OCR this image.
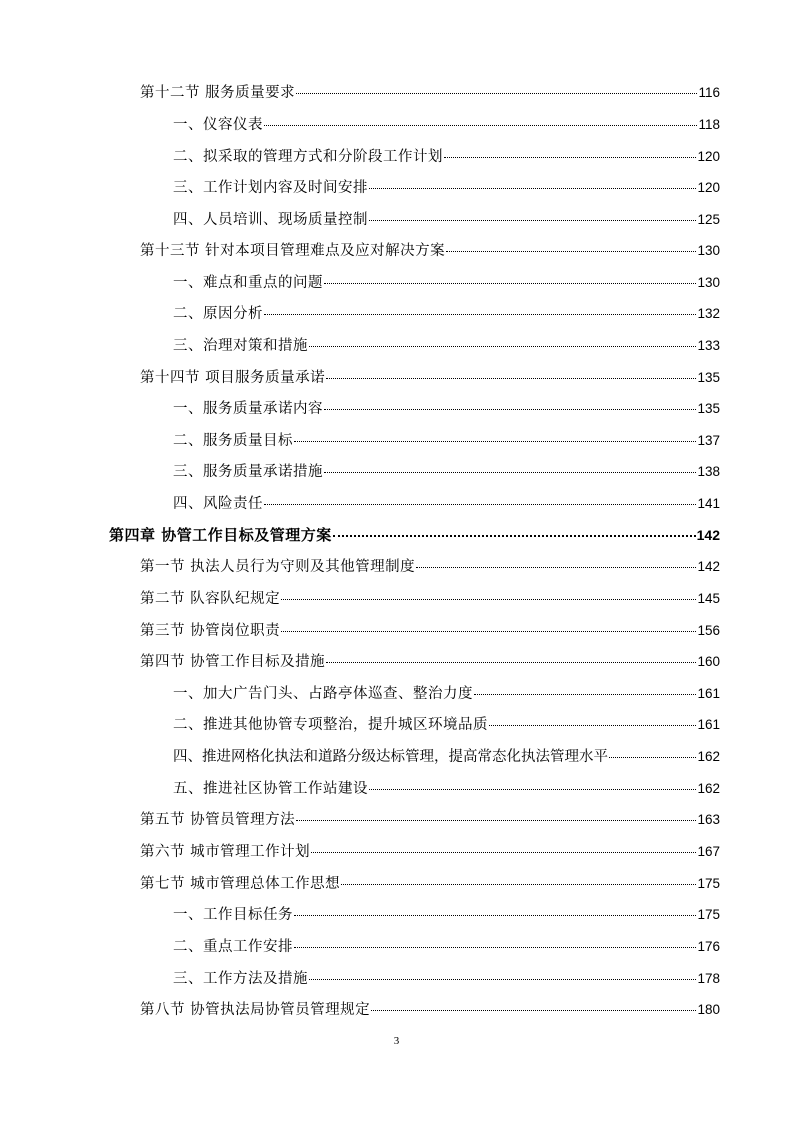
第十二节 服务质量要求	116
一、仪容仪表	118
二、拟采取的管理方式和分阶段工作计划	120
三、工作计划内容及时间安排	120
四、人员培训、现场质量控制	125
第十三节 针对本项目管理难点及应对解决方案	130
一、难点和重点的问题	130
二、原因分析	132
三、治理对策和措施	133
第十四节 项目服务质量承诺	135
一、服务质量承诺内容	135
二、服务质量目标	137
三、服务质量承诺措施	138
四、风险责任	141
第四章 协管工作目标及管理方案	142
第一节 执法人员行为守则及其他管理制度	142
第二节 队容队纪规定	145
第三节 协管岗位职责	156
第四节 协管工作目标及措施	160
一、加大广告门头、占路亭体巡查、整治力度	161
二、推进其他协管专项整治，提升城区环境品质	161
四、推进网格化执法和道路分级达标管理，提高常态化执法管理水平	162
五、推进社区协管工作站建设	162
第五节 协管员管理方法	163
第六节 城市管理工作计划	167
第七节 城市管理总体工作思想	175
一、工作目标任务	175
二、重点工作安排	176
三、工作方法及措施	178
第八节 协管执法局协管员管理规定	180
3
